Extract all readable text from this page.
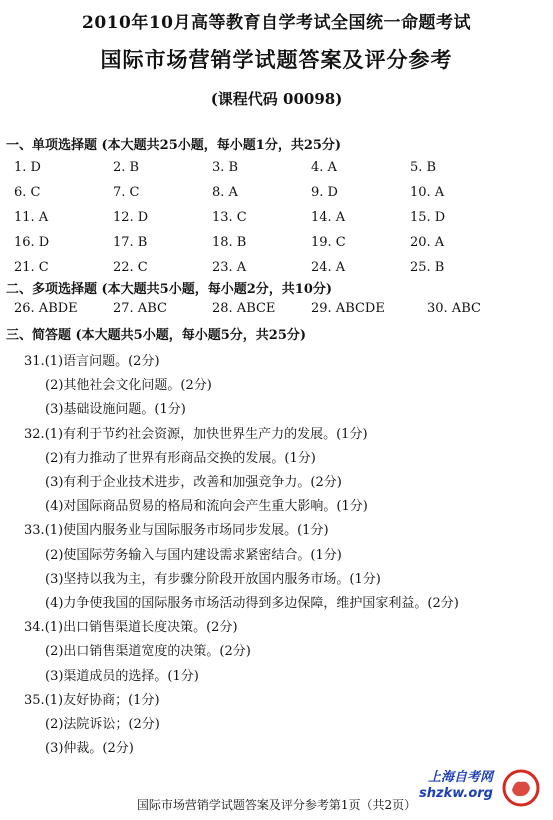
2010年10月高等教育自学考试全国统一命题考试
国际市场营销学试题答案及评分参考
(课程代码 00098)
一、单项选择题 (本大题共25小题，每小题1分，共25分)
1. D	2. B	3. B	4. A	5. B
6. C	7. C	8. A	9. D	10. A
11. A	12. D	13. C	14. A	15. D
16. D	17. B	18. B	19. C	20. A
21. C	22. C	23. A	24. A	25. B
二、多项选择题 (本大题共5小题，每小题2分，共10分)
26. ABDE	27. ABC	28. ABCE	29. ABCDE	30. ABC
三、简答题 (本大题共5小题，每小题5分，共25分)
31.(1)语言问题。(2分)
(2)其他社会文化问题。(2分)
(3)基础设施问题。(1分)
32.(1)有利于节约社会资源，加快世界生产力的发展。(1分)
(2)有力推动了世界有形商品交换的发展。(1分)
(3)有利于企业技术进步，改善和加强竞争力。(2分)
(4)对国际商品贸易的格局和流向会产生重大影响。(1分)
33.(1)使国内服务业与国际服务市场同步发展。(1分)
(2)使国际劳务输入与国内建设需求紧密结合。(1分)
(3)坚持以我为主，有步骤分阶段开放国内服务市场。(1分)
(4)力争使我国的国际服务市场活动得到多边保障，维护国家利益。(2分)
34.(1)出口销售渠道长度决策。(2分)
(2)出口销售渠道宽度的决策。(2分)
(3)渠道成员的选择。(1分)
35.(1)友好协商；(1分)
(2)法院诉讼；(2分)
(3)仲裁。(2分)
上海自考网
shzkw.org
国际市场营销学试题答案及评分参考第1页（共2页）
